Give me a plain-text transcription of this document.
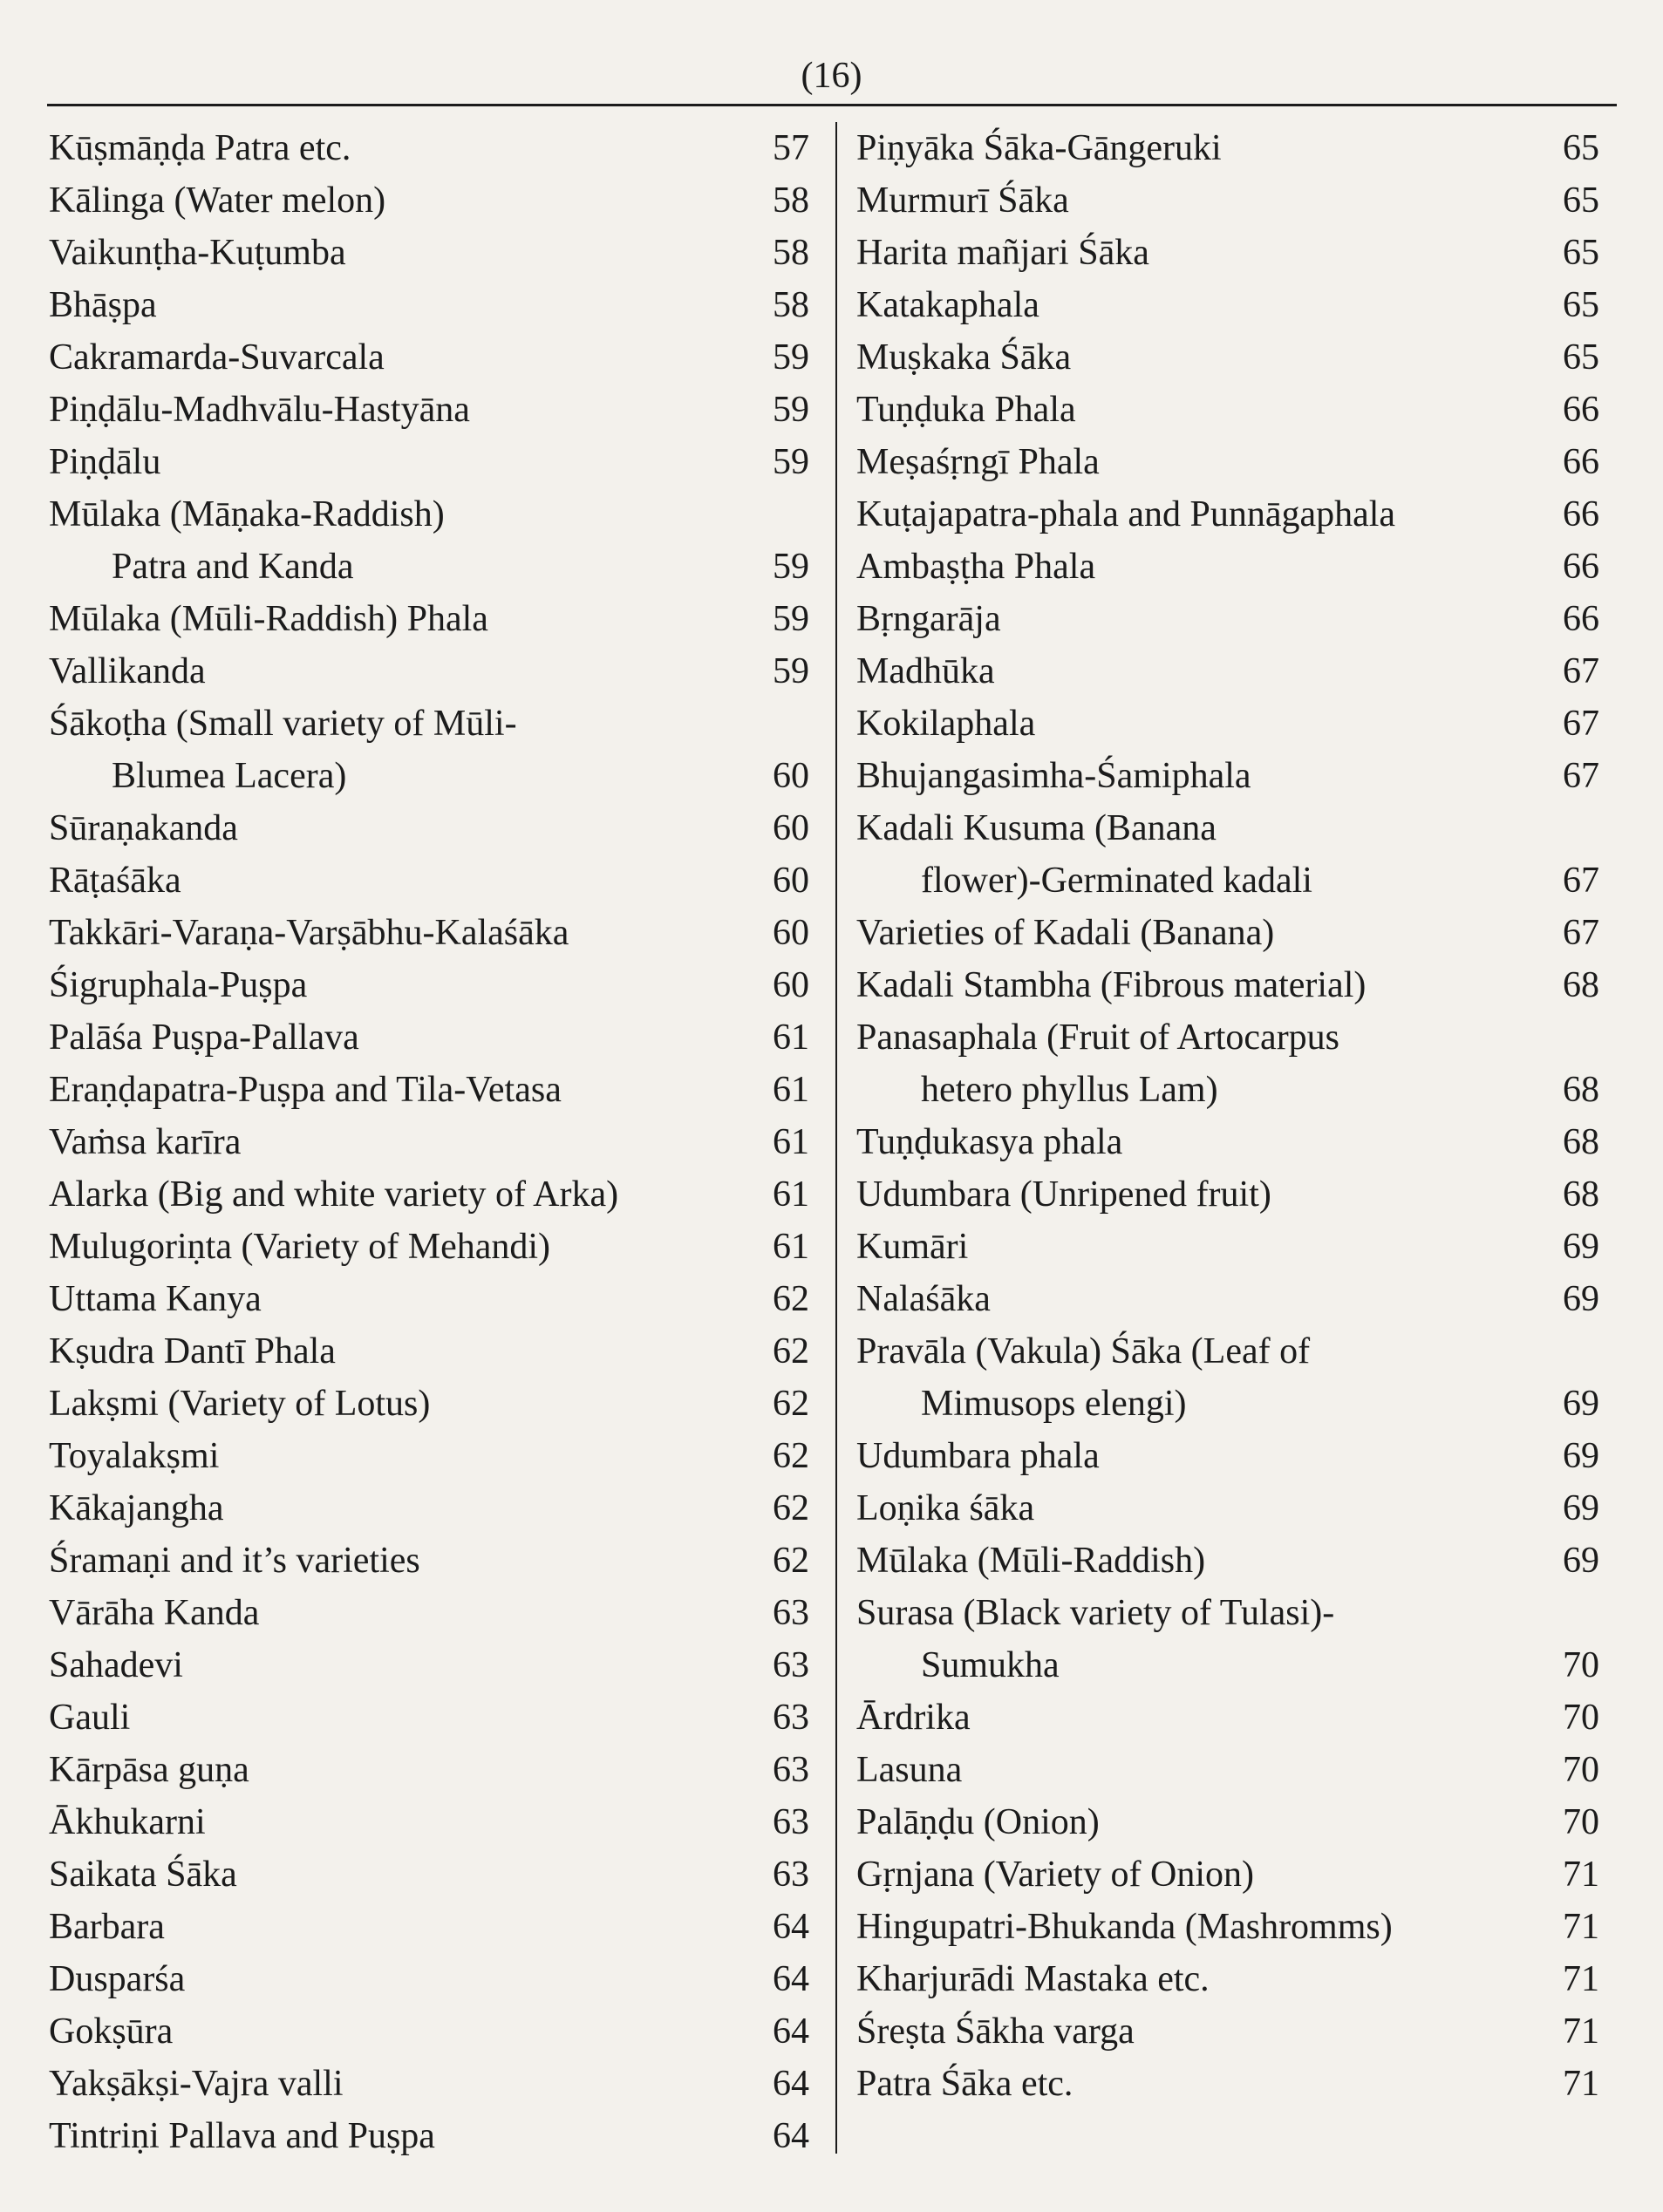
(16)
Kūṣmāṇḍa Patra etc.	57
Kālinga (Water melon)	58
Vaikunṭha-Kuṭumba	58
Bhāṣpa	58
Cakramarda-Suvarcala	59
Piṇḍālu-Madhvālu-Hastyāna	59
Piṇḍālu	59
Mūlaka (Māṇaka-Raddish)
Patra and Kanda	59
Mūlaka (Mūli-Raddish) Phala	59
Vallikanda	59
Śākoṭha (Small variety of Mūli-
Blumea Lacera)	60
Sūraṇakanda	60
Rāṭaśāka	60
Takkāri-Varaṇa-Varṣābhu-Kalaśāka	60
Śigruphala-Puṣpa	60
Palāśa Puṣpa-Pallava	61
Eraṇḍapatra-Puṣpa and Tila-Vetasa	61
Vaṁsa karīra	61
Alarka (Big and white variety of Arka)	61
Mulugoriṇta (Variety of Mehandi)	61
Uttama Kanya	62
Kṣudra Dantī Phala	62
Lakṣmi (Variety of Lotus)	62
Toyalakṣmi	62
Kākajangha	62
Śramaṇi and it’s varieties	62
Vārāha Kanda	63
Sahadevi	63
Gauli	63
Kārpāsa guṇa	63
Ākhukarni	63
Saikata Śāka	63
Barbara	64
Dusparśa	64
Gokṣūra	64
Yakṣākṣi-Vajra valli	64
Tintriṇi Pallava and Puṣpa	64
Piṇyāka Śāka-Gāngeruki	65
Murmurī Śāka	65
Harita mañjari Śāka	65
Katakaphala	65
Muṣkaka Śāka	65
Tuṇḍuka Phala	66
Meṣaśṛngī Phala	66
Kuṭajapatra-phala and Punnāgaphala	66
Ambaṣṭha Phala	66
Bṛngarāja	66
Madhūka	67
Kokilaphala	67
Bhujangasimha-Śamiphala	67
Kadali Kusuma (Banana
flower)-Germinated kadali	67
Varieties of Kadali (Banana)	67
Kadali Stambha (Fibrous material)	68
Panasaphala (Fruit of Artocarpus
hetero phyllus Lam)	68
Tuṇḍukasya phala	68
Udumbara (Unripened fruit)	68
Kumāri	69
Nalaśāka	69
Pravāla (Vakula) Śāka (Leaf of
Mimusops elengi)	69
Udumbara phala	69
Loṇika śāka	69
Mūlaka (Mūli-Raddish)	69
Surasa (Black variety of Tulasi)-
Sumukha	70
Ārdrika	70
Lasuna	70
Palāṇḍu (Onion)	70
Gṛnjana (Variety of Onion)	71
Hingupatri-Bhukanda (Mashromms)	71
Kharjurādi Mastaka etc.	71
Śreṣta Śākha varga	71
Patra Śāka etc.	71
